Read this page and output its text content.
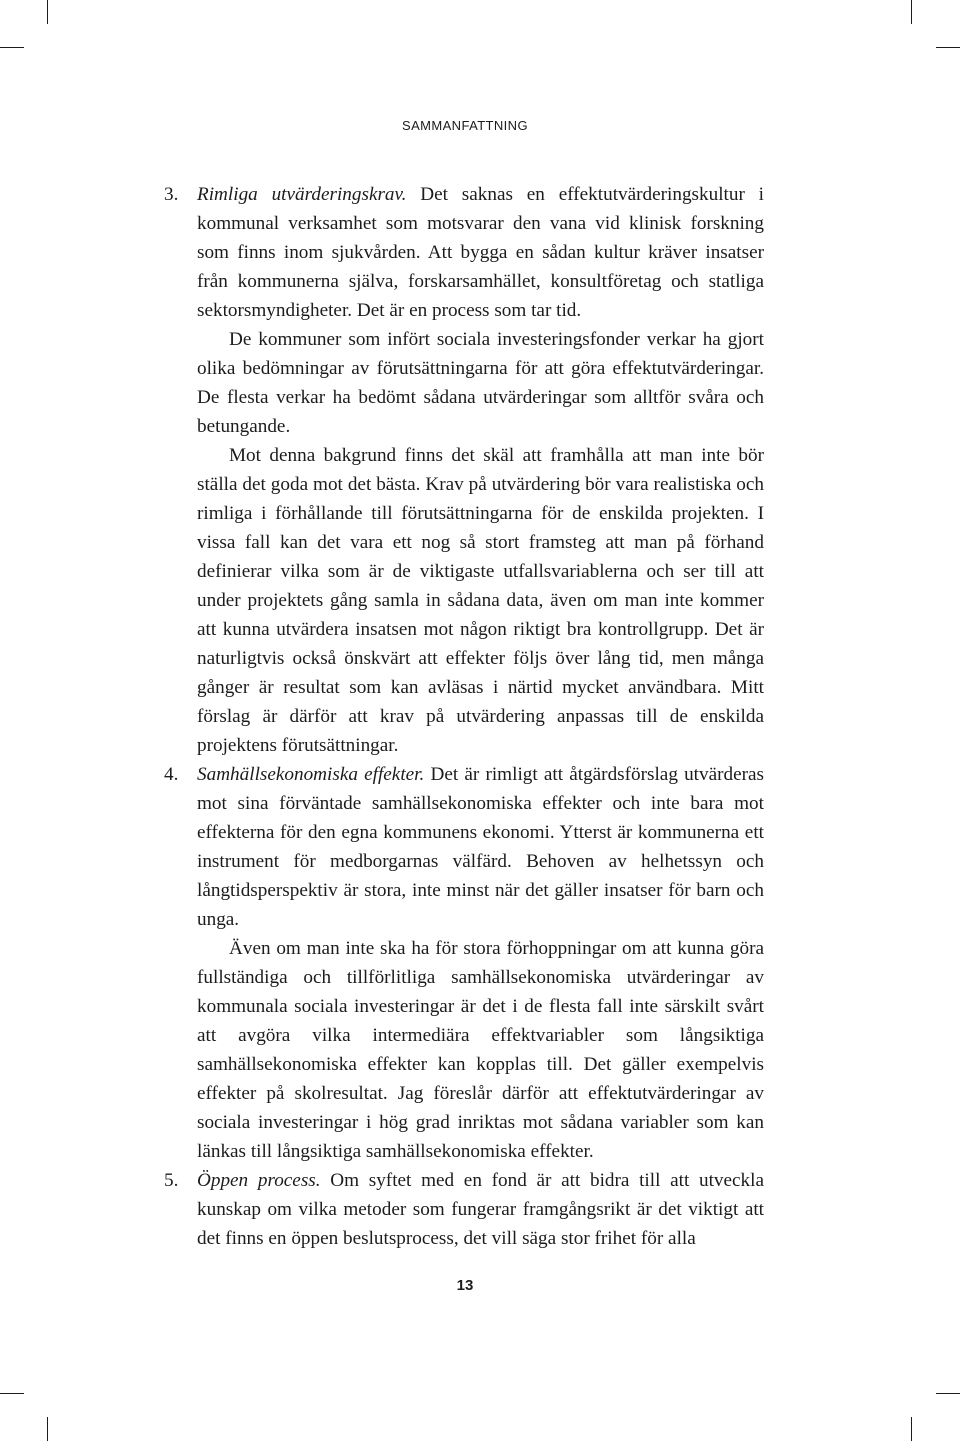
SAMMANFATTNING
3. Rimliga utvärderingskrav. Det saknas en effektutvärderingskultur i kommunal verksamhet som motsvarar den vana vid klinisk forskning som finns inom sjukvården. Att bygga en sådan kultur kräver insatser från kommunerna själva, forskarsamhället, konsultföretag och statliga sektorsmyndigheter. Det är en process som tar tid.

De kommuner som infört sociala investeringsfonder verkar ha gjort olika bedömningar av förutsättningarna för att göra effektutvärderingar. De flesta verkar ha bedömt sådana utvärderingar som alltför svåra och betungande.

Mot denna bakgrund finns det skäl att framhålla att man inte bör ställa det goda mot det bästa. Krav på utvärdering bör vara realistiska och rimliga i förhållande till förutsättningarna för de enskilda projekten. I vissa fall kan det vara ett nog så stort framsteg att man på förhand definierar vilka som är de viktigaste utfallsvariablerna och ser till att under projektets gång samla in sådana data, även om man inte kommer att kunna utvärdera insatsen mot någon riktigt bra kontrollgrupp. Det är naturligtvis också önskvärt att effekter följs över lång tid, men många gånger är resultat som kan avläsas i närtid mycket användbara. Mitt förslag är därför att krav på utvärdering anpassas till de enskilda projektens förutsättningar.

4. Samhällsekonomiska effekter. Det är rimligt att åtgärdsförslag utvärderas mot sina förväntade samhällsekonomiska effekter och inte bara mot effekterna för den egna kommunens ekonomi. Ytterst är kommunerna ett instrument för medborgarnas välfärd. Behoven av helhetssyn och långtidsperspektiv är stora, inte minst när det gäller insatser för barn och unga.

Även om man inte ska ha för stora förhoppningar om att kunna göra fullständiga och tillförlitliga samhällsekonomiska utvärderingar av kommunala sociala investeringar är det i de flesta fall inte särskilt svårt att avgöra vilka intermediära effektvariabler som långsiktiga samhällsekonomiska effekter kan kopplas till. Det gäller exempelvis effekter på skolresultat. Jag föreslår därför att effektutvärderingar av sociala investeringar i hög grad inriktas mot sådana variabler som kan länkas till långsiktiga samhällsekonomiska effekter.

5. Öppen process. Om syftet med en fond är att bidra till att utveckla kunskap om vilka metoder som fungerar framgångsrikt är det viktigt att det finns en öppen beslutsprocess, det vill säga stor frihet för alla

13
